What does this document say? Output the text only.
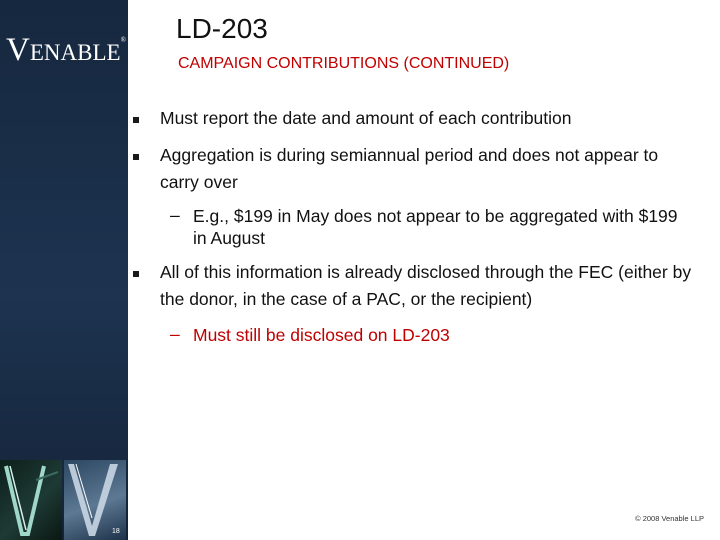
VENABLE®LLP
18
LD-203
CAMPAIGN CONTRIBUTIONS (CONTINUED)
Must report the date and amount of each contribution
Aggregation is during semiannual period and does not appear to carry over
– E.g., $199 in May does not appear to be aggregated with $199 in August
All of this information is already disclosed through the FEC (either by the donor, in the case of a PAC, or the recipient)
– Must still be disclosed on LD-203
© 2008 Venable LLP
